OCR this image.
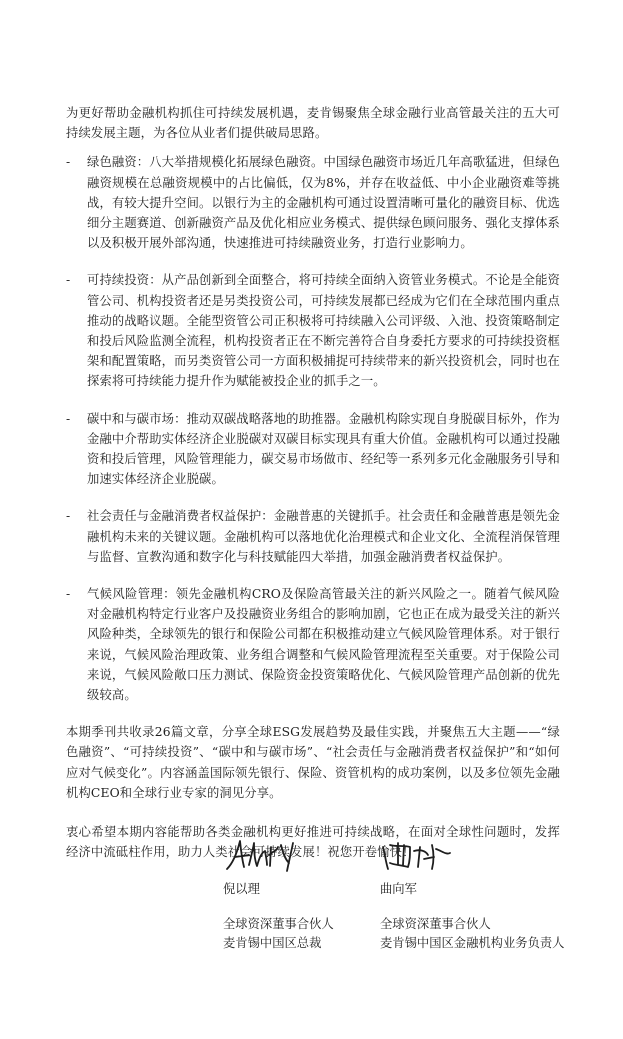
为更好帮助金融机构抓住可持续发展机遇，麦肯锡聚焦全球金融行业高管最关注的五大可持续发展主题，为各位从业者们提供破局思路。

- 绿色融资：八大举措规模化拓展绿色融资。中国绿色融资市场近几年高歌猛进，但绿色融资规模在总融资规模中的占比偏低，仅为8%，并存在收益低、中小企业融资难等挑战，有较大提升空间。以银行为主的金融机构可通过设置清晰可量化的融资目标、优选细分主题赛道、创新融资产品及优化相应业务模式、提供绿色顾问服务、强化支撑体系以及积极开展外部沟通，快速推进可持续融资业务，打造行业影响力。

- 可持续投资：从产品创新到全面整合，将可持续全面纳入资管业务模式。不论是全能资管公司、机构投资者还是另类投资公司，可持续发展都已经成为它们在全球范围内重点推动的战略议题。全能型资管公司正积极将可持续融入公司评级、入池、投资策略制定和投后风险监测全流程，机构投资者正在不断完善符合自身委托方要求的可持续投资框架和配置策略，而另类资管公司一方面积极捕捉可持续带来的新兴投资机会，同时也在探索将可持续能力提升作为赋能被投企业的抓手之一。

- 碳中和与碳市场：推动双碳战略落地的助推器。金融机构除实现自身脱碳目标外，作为金融中介帮助实体经济企业脱碳对双碳目标实现具有重大价值。金融机构可以通过投融资和投后管理，风险管理能力，碳交易市场做市、经纪等一系列多元化金融服务引导和加速实体经济企业脱碳。

- 社会责任与金融消费者权益保护：金融普惠的关键抓手。社会责任和金融普惠是领先金融机构未来的关键议题。金融机构可以落地优化治理模式和企业文化、全流程消保管理与监督、宣教沟通和数字化与科技赋能四大举措，加强金融消费者权益保护。

- 气候风险管理：领先金融机构CRO及保险高管最关注的新兴风险之一。随着气候风险对金融机构特定行业客户及投融资业务组合的影响加剧，它也正在成为最受关注的新兴风险种类，全球领先的银行和保险公司都在积极推动建立气候风险管理体系。对于银行来说，气候风险治理政策、业务组合调整和气候风险管理流程至关重要。对于保险公司来说，气候风险敞口压力测试、保险资金投资策略优化、气候风险管理产品创新的优先级较高。

本期季刊共收录26篇文章，分享全球ESG发展趋势及最佳实践，并聚焦五大主题——“绿色融资”、“可持续投资”、“碳中和与碳市场”、“社会责任与金融消费者权益保护”和“如何应对气候变化”。内容涵盖国际领先银行、保险、资管机构的成功案例，以及多位领先金融机构CEO和全球行业专家的洞见分享。

衷心希望本期内容能帮助各类金融机构更好推进可持续战略，在面对全球性问题时，发挥经济中流砥柱作用，助力人类社会可持续发展！祝您开卷愉快！

倪以理
全球资深董事合伙人
麦肯锡中国区总裁
曲向军
全球资深董事合伙人
麦肯锡中国区金融机构业务负责人
